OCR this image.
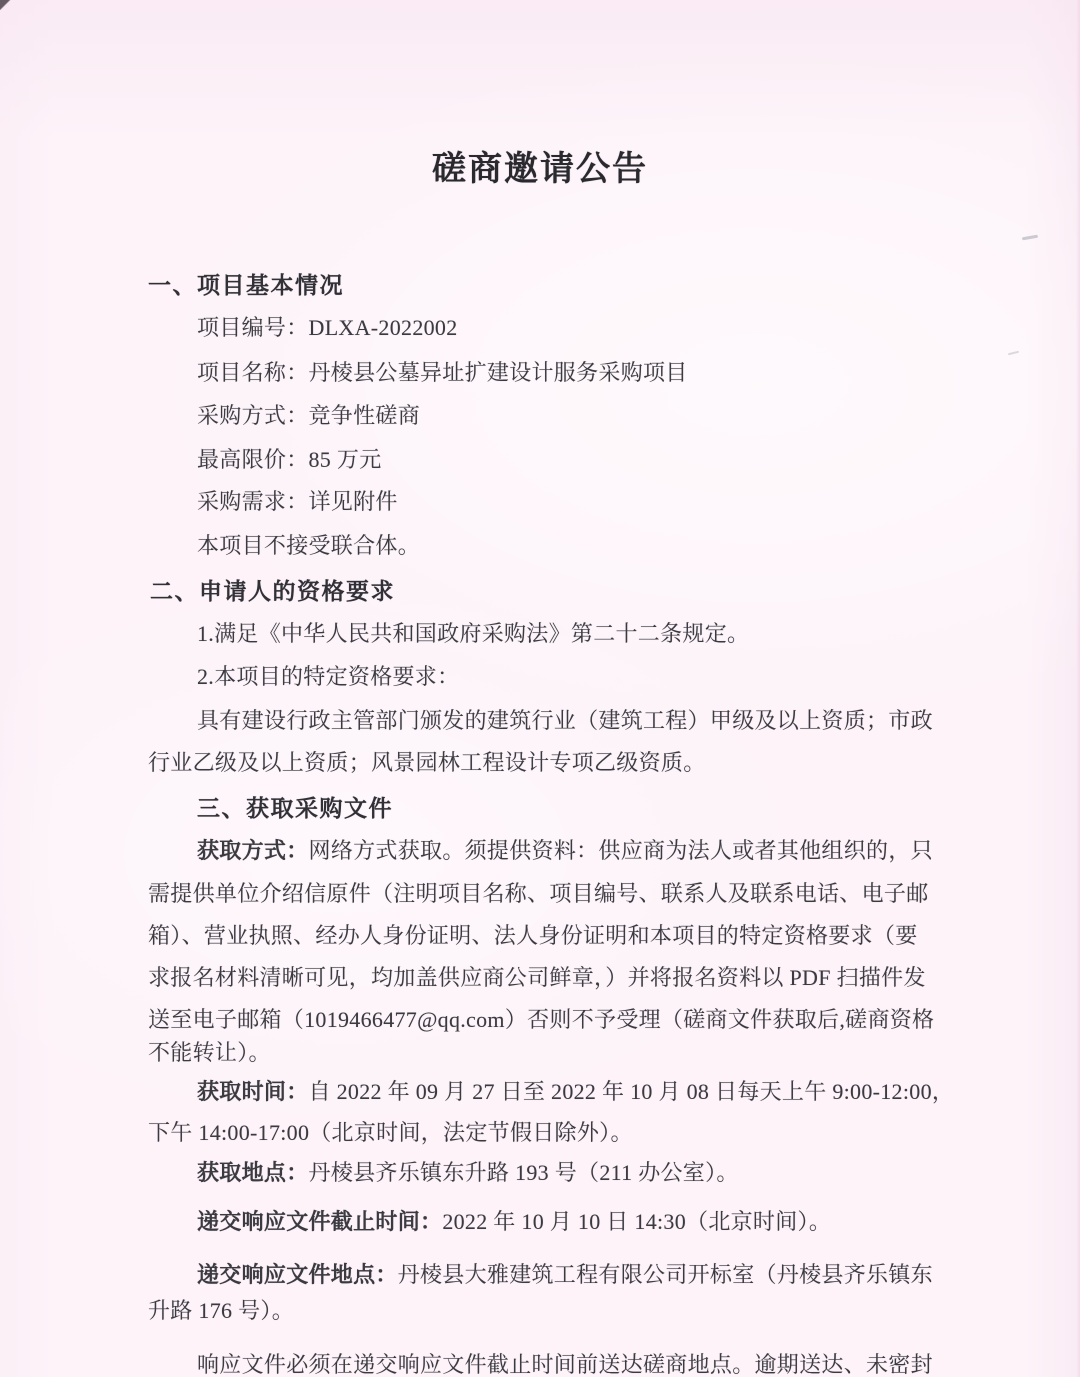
磋商邀请公告
一、项目基本情况
项目编号：DLXA-2022002
项目名称：丹棱县公墓异址扩建设计服务采购项目
采购方式：竞争性磋商
最高限价：85 万元
采购需求：详见附件
本项目不接受联合体。
二、申请人的资格要求
1.满足《中华人民共和国政府采购法》第二十二条规定。
2.本项目的特定资格要求：
具有建设行政主管部门颁发的建筑行业（建筑工程）甲级及以上资质；市政
行业乙级及以上资质；风景园林工程设计专项乙级资质。
三、获取采购文件
获取方式：网络方式获取。须提供资料：供应商为法人或者其他组织的，只
需提供单位介绍信原件（注明项目名称、项目编号、联系人及联系电话、电子邮
箱）、营业执照、经办人身份证明、法人身份证明和本项目的特定资格要求（要
求报名材料清晰可见，均加盖供应商公司鲜章，）并将报名资料以 PDF 扫描件发
送至电子邮箱（1019466477@qq.com）否则不予受理（磋商文件获取后,磋商资格
不能转让）。
获取时间：自 2022 年 09 月 27 日至 2022 年 10 月 08 日每天上午 9:00-12:00，
下午 14:00-17:00（北京时间，法定节假日除外）。
获取地点：丹棱县齐乐镇东升路 193 号（211 办公室）。
递交响应文件截止时间：2022 年 10 月 10 日 14:30（北京时间）。
递交响应文件地点：丹棱县大雅建筑工程有限公司开标室（丹棱县齐乐镇东
升路 176 号）。
响应文件必须在递交响应文件截止时间前送达磋商地点。逾期送达、未密封
